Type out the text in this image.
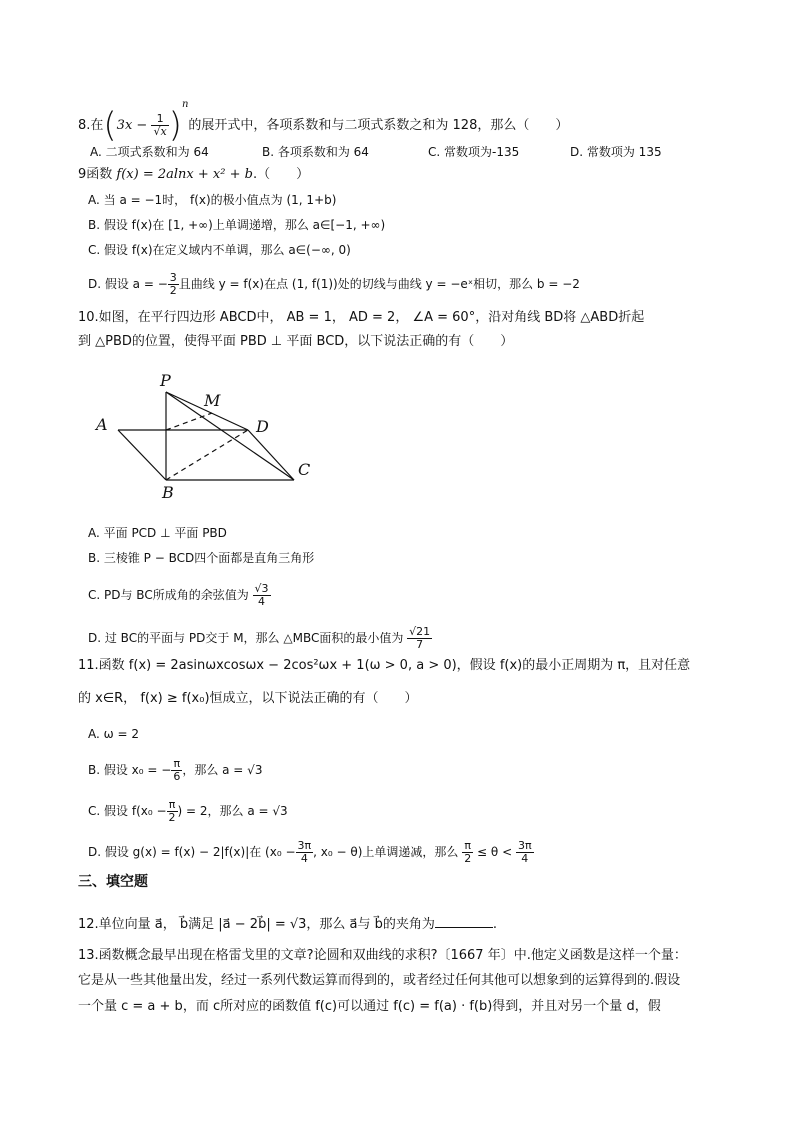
8.在$(3x - \frac{1}{√x} )^n$的展开式中，各项系数和与二项式系数之和为 128，那么（　　）
A. 二项式系数和为 64	B. 各项系数和为 64	C. 常数项为-135	D. 常数项为 135
9函数 f(x) = 2alnx + x² + b.（　　）
A. 当 a = −1时， f(x)的极小值点为 (1, 1+b)
B. 假设 f(x)在 [1, +∞)上单调递增，那么 a∈[−1, +∞)
C. 假设 f(x)在定义域内不单调，那么 a∈(−∞, 0)
D. 假设 a = − $\frac{3}{2}$ 且曲线 y = f(x)在点 (1, f(1))处的切线与曲线 y = −eˣ相切，那么 b = −2
10.如图，在平行四边形 ABCD中， AB = 1， AD = 2， ∠A = 60°，沿对角线 BD将 △ABD折起
到 △PBD的位置，使得平面 PBD ⊥ 平面 BCD，以下说法正确的有（　　）
P
M
A	D
B
C
A. 平面 PCD ⊥ 平面 PBD
B. 三棱锥 P − BCD四个面都是直角三角形
C. PD与 BC所成角的余弦值为 $\frac{√3}{4}$
D. 过 BC的平面与 PD交于 M，那么 △MBC面积的最小值为 $\frac{√21}{7}$
11.函数 f(x) = 2asinωxcosωx − 2cos²ωx + 1(ω > 0, a > 0)，假设 f(x)的最小正周期为 π，且对任意
的 x∈R， f(x) ≥ f(x₀)恒成立，以下说法正确的有（　　）
A. ω = 2
B. 假设 x₀ = − $\frac{\pi}{6}$ ，那么 a = √3
C. 假设 $f(x_0 - \frac{\pi}{2}$ ) = 2，那么 a = √3
D. 假设 g(x) = f(x) − 2|f(x)|在 ($x_0 - \frac{3\pi}{4}$ , x₀ − θ)上单调递减，那么 $\frac{\pi}{2} \le \theta < \frac{3\pi}{4}$
三、填空题
12.单位向量 a⃗， b⃗满足 |a⃗ − 2b⃗| = √3，那么 a⃗与 b⃗的夹角为	.
13.函数概念最早出现在格雷戈里的文章?论圆和双曲线的求积?〔1667 年〕中.他定义函数是这样一个量：
它是从一些其他量出发，经过一系列代数运算而得到的，或者经过任何其他可以想象到的运算得到的.假设
一个量 c = a + b，而 c所对应的函数值 f(c)可以通过 f(c) = f(a) · f(b)得到，并且对另一个量 d，假
